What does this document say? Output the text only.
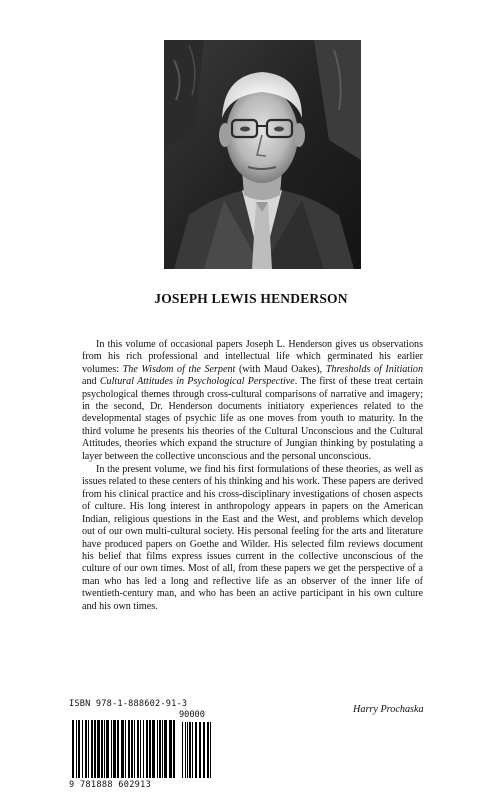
JOSEPH LEWIS HENDERSON

In this volume of occasional papers Joseph L. Henderson gives us observations from his rich professional and intellectual life which germinated his earlier volumes: The Wisdom of the Serpent (with Maud Oakes), Thresholds of Initiation and Cultural Attitudes in Psychological Perspective. The first of these treat certain psychological themes through cross-cultural comparisons of narrative and imagery; in the second, Dr. Henderson documents initiatory experiences related to the developmental stages of psychic life as one moves from youth to maturity. In the third volume he presents his theories of the Cultural Unconscious and the Cultural Attitudes, theories which expand the structure of Jungian thinking by postulating a layer between the collective unconscious and the personal unconscious.

In the present volume, we find his first formulations of these theories, as well as issues related to these centers of his thinking and his work. These papers are derived from his clinical practice and his cross-disciplinary investigations of chosen aspects of culture. His long interest in anthropology appears in papers on the American Indian, religious questions in the East and the West, and problems which develop out of our own multi-cultural society. His personal feeling for the arts and literature have produced papers on Goethe and Wilder. His selected film reviews document his belief that films express issues current in the collective unconscious of the culture of our own times. Most of all, from these papers we get the perspective of a man who has led a long and reflective life as an observer of the inner life of twentieth-century man, and who has been an active participant in his own culture and his own times.

ISBN 978-1-888602-91-3
90000
9 781888 602913
Harry Prochaska
